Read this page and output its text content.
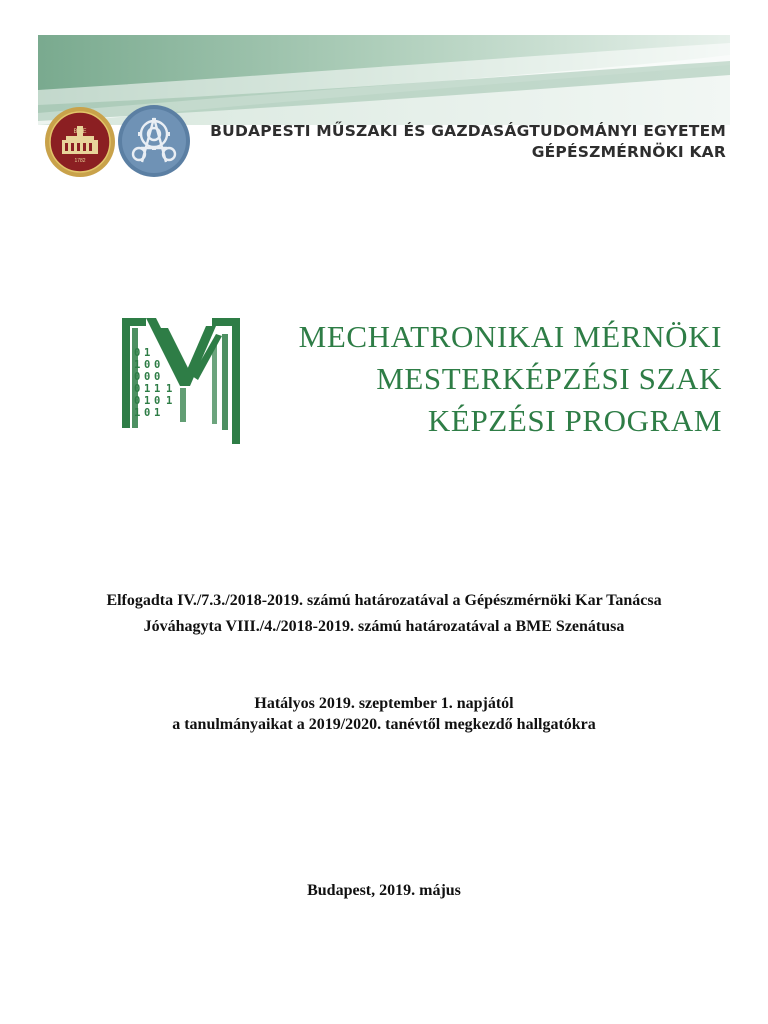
BME
1782
BUDAPESTI MŰSZAKI ÉS GAZDASÁGTUDOMÁNYI EGYETEM
GÉPÉSZMÉRNÖKI KAR
1
0
0
0
1
0
0
1
0
0
0
1
1
0
0
1
1
0
0
0
1
0
1
1
1
MECHATRONIKAI MÉRNÖKI
MESTERKÉPZÉSI SZAK
KÉPZÉSI PROGRAM
Elfogadta IV./7.3./2018-2019. számú határozatával a Gépészmérnöki Kar Tanácsa
Jóváhagyta VIII./4./2018-2019. számú határozatával a BME Szenátusa
Hatályos 2019. szeptember 1. napjától
a tanulmányaikat a 2019/2020. tanévtől megkezdő hallgatókra
Budapest, 2019. május
